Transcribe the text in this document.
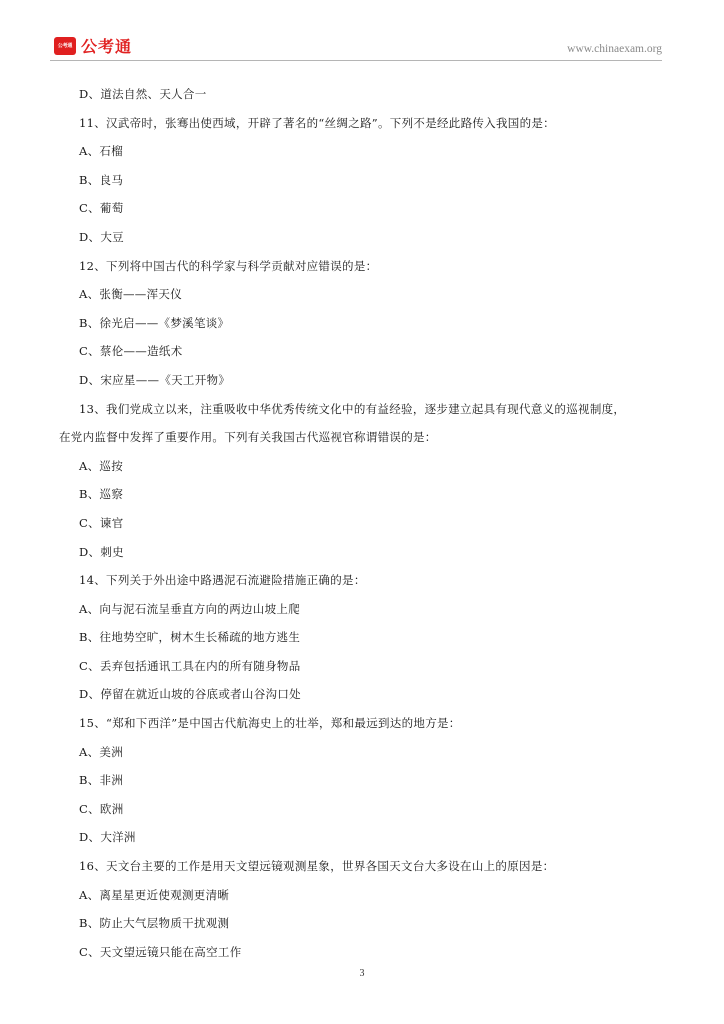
公考通 公考通	www.chinaexam.org
D、道法自然、天人合一
11、汉武帝时，张骞出使西域，开辟了著名的“丝绸之路”。下列不是经此路传入我国的是：
A、石榴
B、良马
C、葡萄
D、大豆
12、下列将中国古代的科学家与科学贡献对应错误的是：
A、张衡——浑天仪
B、徐光启——《梦溪笔谈》
C、蔡伦——造纸术
D、宋应星——《天工开物》
13、我们党成立以来，注重吸收中华优秀传统文化中的有益经验，逐步建立起具有现代意义的巡视制度，
在党内监督中发挥了重要作用。下列有关我国古代巡视官称谓错误的是：
A、巡按
B、巡察
C、谏官
D、刺史
14、下列关于外出途中路遇泥石流避险措施正确的是：
A、向与泥石流呈垂直方向的两边山坡上爬
B、往地势空旷，树木生长稀疏的地方逃生
C、丢弃包括通讯工具在内的所有随身物品
D、停留在就近山坡的谷底或者山谷沟口处
15、“郑和下西洋”是中国古代航海史上的壮举，郑和最远到达的地方是：
A、美洲
B、非洲
C、欧洲
D、大洋洲
16、天文台主要的工作是用天文望远镜观测星象，世界各国天文台大多设在山上的原因是：
A、离星星更近使观测更清晰
B、防止大气层物质干扰观测
C、天文望远镜只能在高空工作
3
